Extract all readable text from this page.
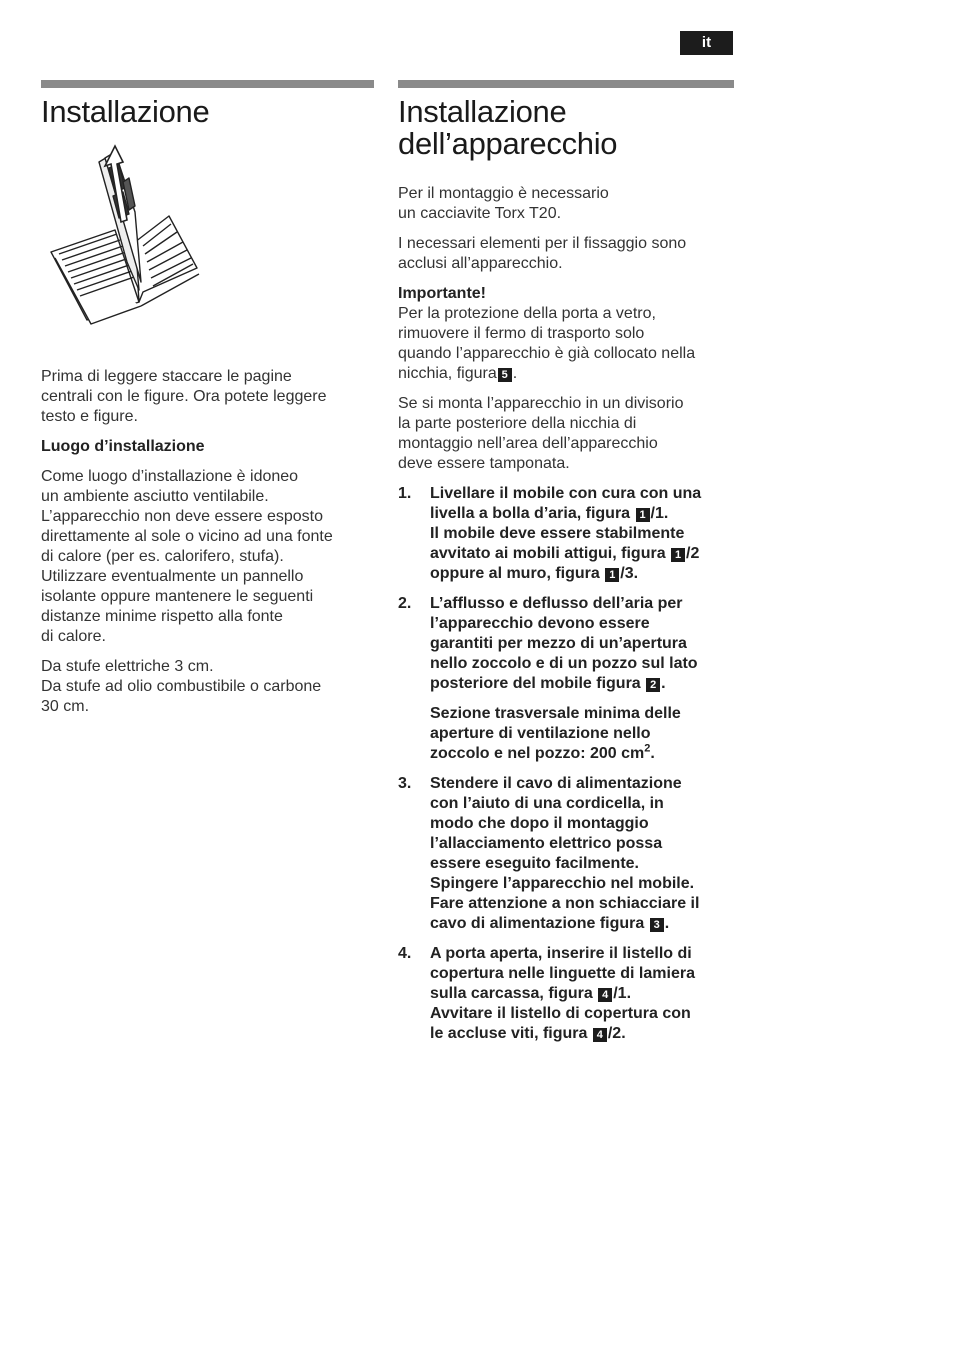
it
Installazione

Prima di leggere staccare le pagine
centrali con le figure. Ora potete leggere
testo e figure.

Luogo d’installazione

Come luogo d’installazione è idoneo
un ambiente asciutto ventilabile.
L’apparecchio non deve essere esposto
direttamente al sole o vicino ad una fonte
di calore (per es. calorifero, stufa).
Utilizzare eventualmente un pannello
isolante oppure mantenere le seguenti
distanze minime rispetto alla fonte
di calore.

Da stufe elettriche 3 cm.
Da stufe ad olio combustibile o carbone
30 cm.

Installazione
dell’apparecchio

Per il montaggio è necessario
un cacciavite Torx T20.

I necessari elementi per il fissaggio sono
acclusi all’apparecchio.

Importante!
Per la protezione della porta a vetro,
rimuovere il fermo di trasporto solo
quando l’apparecchio è già collocato nella
nicchia, figura 5 .

Se si monta l’apparecchio in un divisorio
la parte posteriore della nicchia di
montaggio nell’area dell’apparecchio
deve essere tamponata.

1. Livellare il mobile con cura con una
livella a bolla d’aria, figura 1 /1.
Il mobile deve essere stabilmente
avvitato ai mobili attigui, figura 1 /2
oppure al muro, figura 1 /3.

2. L’afflusso e deflusso dell’aria per
l’apparecchio devono essere
garantiti per mezzo di un’apertura
nello zoccolo e di un pozzo sul lato
posteriore del mobile figura 2 .

Sezione trasversale minima delle
aperture di ventilazione nello
zoccolo e nel pozzo: 200 $cm^2$.

3. Stendere il cavo di alimentazione
con l’aiuto di una cordicella, in
modo che dopo il montaggio
l’allacciamento elettrico possa
essere eseguito facilmente.
Spingere l’apparecchio nel mobile.
Fare attenzione a non schiacciare il
cavo di alimentazione figura 3 .

4. A porta aperta, inserire il listello di
copertura nelle linguette di lamiera
sulla carcassa, figura 4 /1.
Avvitare il listello di copertura con
le accluse viti, figura 4 /2.
